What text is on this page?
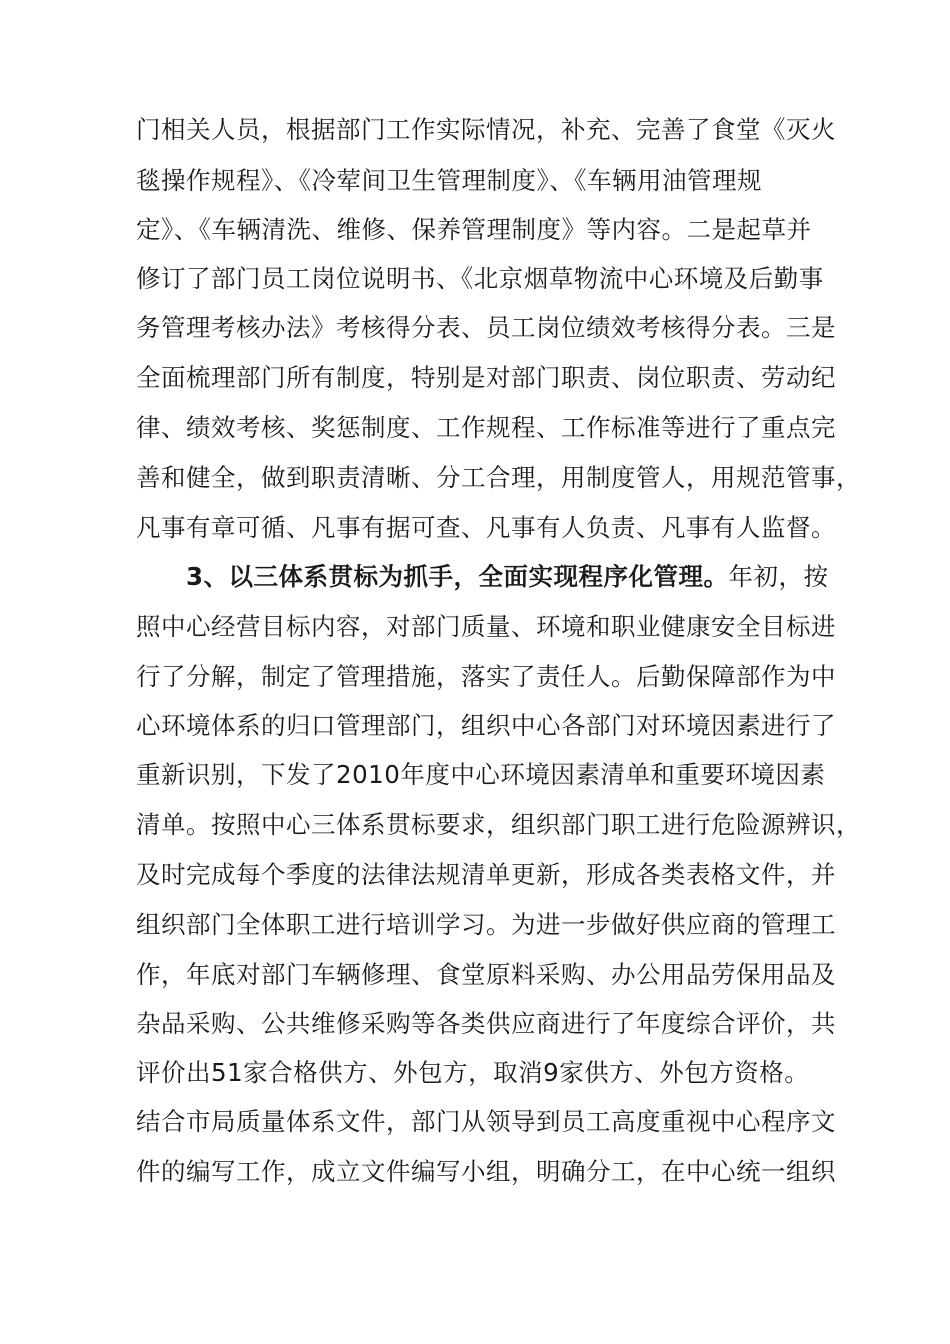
门相关人员，根据部门工作实际情况，补充、完善了食堂《灭火
毯操作规程》、《冷荤间卫生管理制度》、《车辆用油管理规
定》、《车辆清洗、维修、保养管理制度》等内容。二是起草并
修订了部门员工岗位说明书、《北京烟草物流中心环境及后勤事
务管理考核办法》考核得分表、员工岗位绩效考核得分表。三是
全面梳理部门所有制度，特别是对部门职责、岗位职责、劳动纪
律、绩效考核、奖惩制度、工作规程、工作标准等进行了重点完
善和健全，做到职责清晰、分工合理，用制度管人，用规范管事，
凡事有章可循、凡事有据可查、凡事有人负责、凡事有人监督。
3、以三体系贯标为抓手，全面实现程序化管理。年初，按
照中心经营目标内容，对部门质量、环境和职业健康安全目标进
行了分解，制定了管理措施，落实了责任人。后勤保障部作为中
心环境体系的归口管理部门，组织中心各部门对环境因素进行了
重新识别，下发了2010年度中心环境因素清单和重要环境因素
清单。按照中心三体系贯标要求，组织部门职工进行危险源辨识，
及时完成每个季度的法律法规清单更新，形成各类表格文件，并
组织部门全体职工进行培训学习。为进一步做好供应商的管理工
作，年底对部门车辆修理、食堂原料采购、办公用品劳保用品及
杂品采购、公共维修采购等各类供应商进行了年度综合评价，共
评价出51家合格供方、外包方，取消9家供方、外包方资格。
结合市局质量体系文件，部门从领导到员工高度重视中心程序文
件的编写工作，成立文件编写小组，明确分工，在中心统一组织
